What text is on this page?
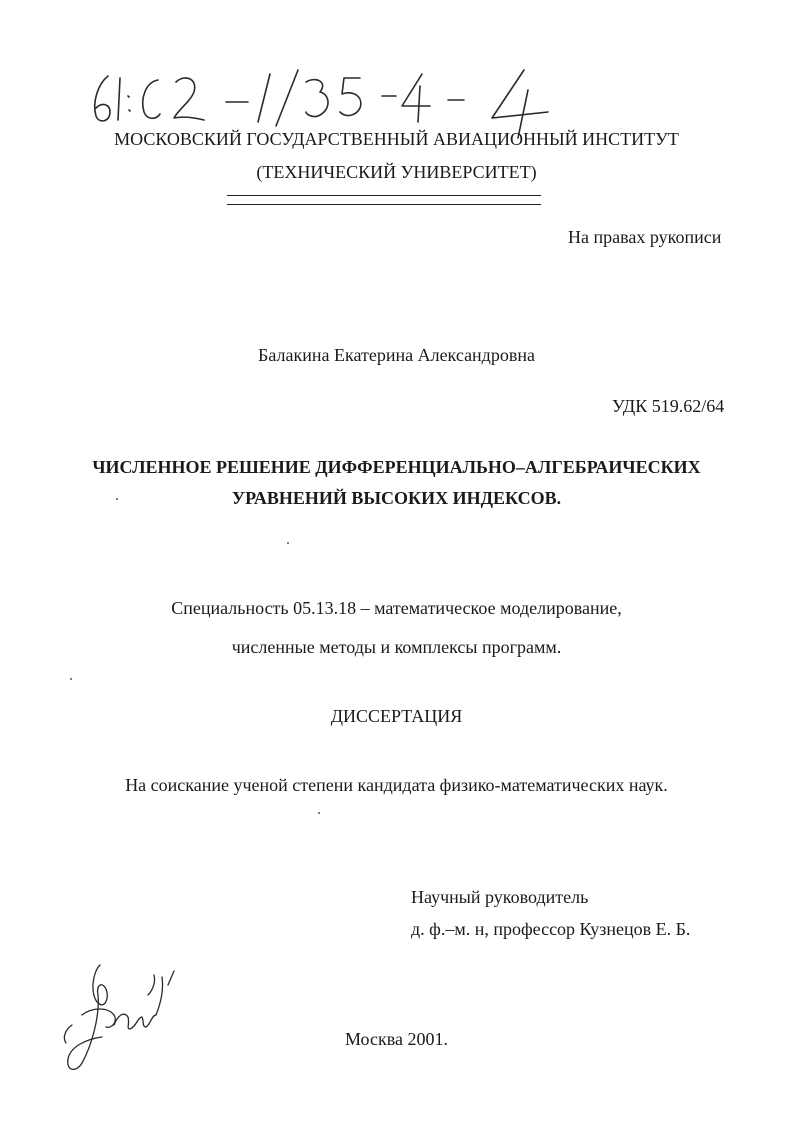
МОСКОВСКИЙ ГОСУДАРСТВЕННЫЙ АВИАЦИОННЫЙ ИНСТИТУТ
(ТЕХНИЧЕСКИЙ УНИВЕРСИТЕТ)
На правах рукописи
Балакина Екатерина Александровна
УДК 519.62/64
ЧИСЛЕННОЕ РЕШЕНИЕ ДИФФЕРЕНЦИАЛЬНО–АЛГЕБРАИЧЕСКИХ
УРАВНЕНИЙ ВЫСОКИХ ИНДЕКСОВ.
Специальность 05.13.18 – математическое моделирование,
численные методы и комплексы программ.
ДИССЕРТАЦИЯ
На соискание ученой степени кандидата физико-математических наук.
Научный руководитель
д. ф.–м. н, профессор Кузнецов Е. Б.
Москва 2001.
